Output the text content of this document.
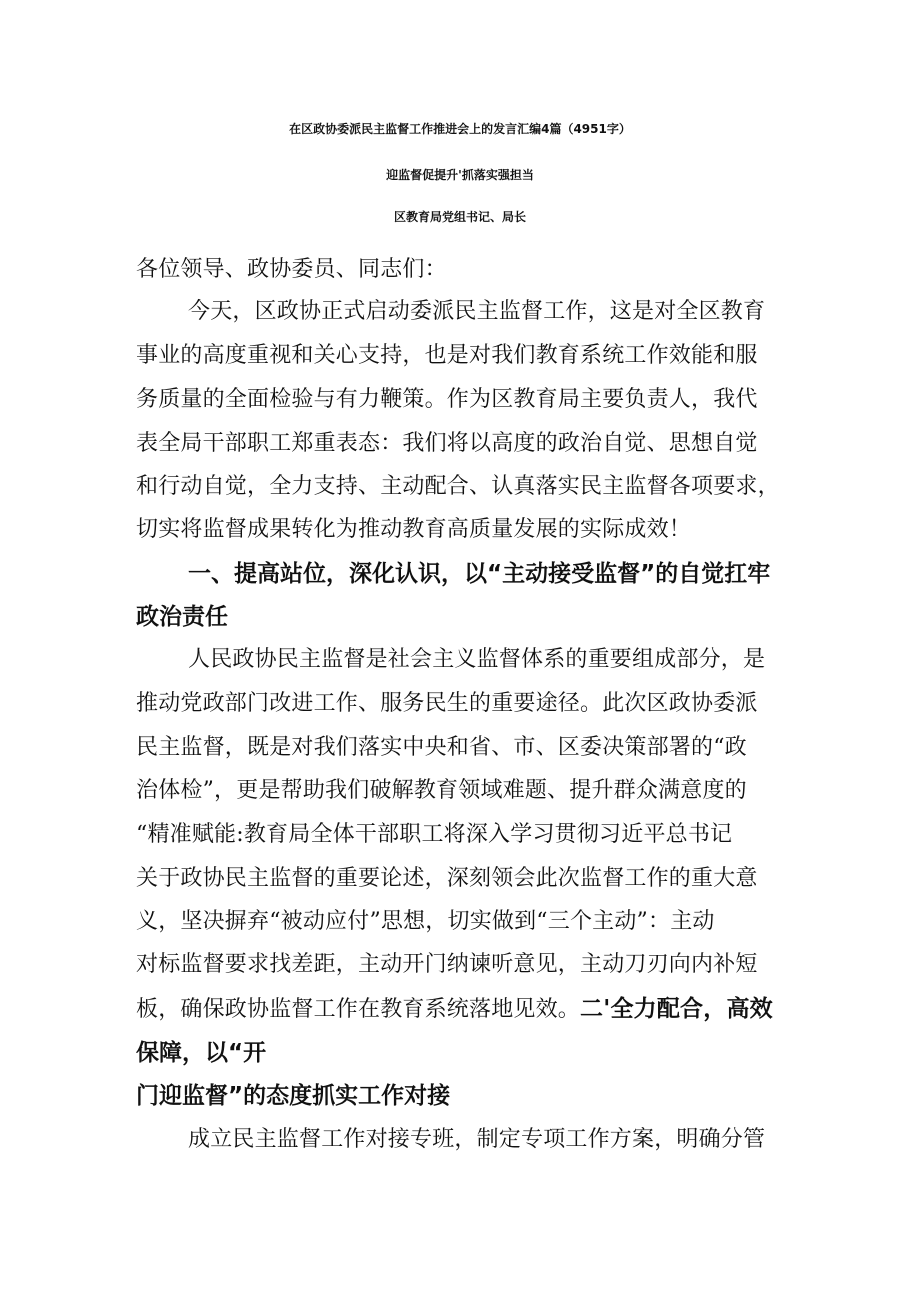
在区政协委派民主监督工作推进会上的发言汇编4篇（4951字）
迎监督促提升'抓落实强担当
区教育局党组书记、局长
各位领导、政协委员、同志们：
今天，区政协正式启动委派民主监督工作，这是对全区教育
事业的高度重视和关心支持，也是对我们教育系统工作效能和服
务质量的全面检验与有力鞭策。作为区教育局主要负责人，我代
表全局干部职工郑重表态：我们将以高度的政治自觉、思想自觉
和行动自觉，全力支持、主动配合、认真落实民主监督各项要求，
切实将监督成果转化为推动教育高质量发展的实际成效！
一、提高站位，深化认识，以“主动接受监督”的自觉扛牢
政治责任
人民政协民主监督是社会主义监督体系的重要组成部分，是
推动党政部门改进工作、服务民生的重要途径。此次区政协委派
民主监督，既是对我们落实中央和省、市、区委决策部署的“政
治体检”，更是帮助我们破解教育领域难题、提升群众满意度的
“精准赋能:教育局全体干部职工将深入学习贯彻习近平总书记
关于政协民主监督的重要论述，深刻领会此次监督工作的重大意
义，坚决摒弃“被动应付”思想，切实做到“三个主动”：主动
对标监督要求找差距，主动开门纳谏听意见，主动刀刃向内补短
板，确保政协监督工作在教育系统落地见效。二'全力配合，高效
保障，以“开
门迎监督”的态度抓实工作对接
成立民主监督工作对接专班，制定专项工作方案，明确分管
